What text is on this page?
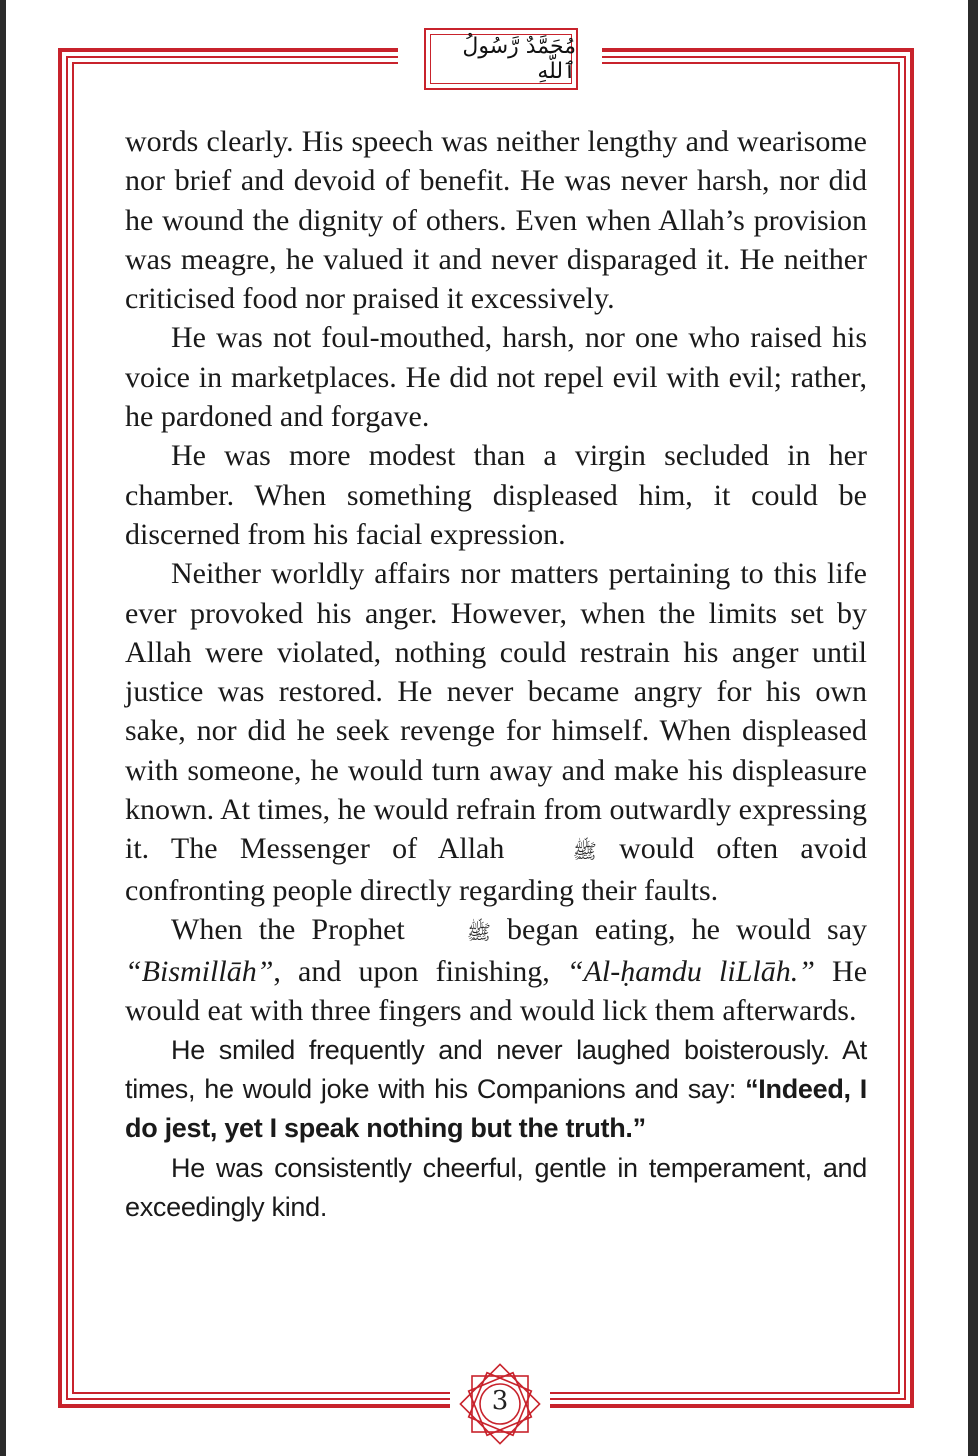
مُحَمَّدٌ رَّسُولُ ٱللَّهِ

words clearly. His speech was neither lengthy and wearisome nor brief and devoid of benefit. He was never harsh, nor did he wound the dignity of others. Even when Allah’s provision was meagre, he valued it and never disparaged it. He neither criticised food nor praised it excessively.

He was not foul-mouthed, harsh, nor one who raised his voice in marketplaces. He did not repel evil with evil; rather, he pardoned and forgave.

He was more modest than a virgin secluded in her chamber. When something displeased him, it could be discerned from his facial expression.

Neither worldly affairs nor matters pertaining to this life ever provoked his anger. However, when the limits set by Allah were violated, nothing could restrain his anger until justice was restored. He never became angry for his own sake, nor did he seek revenge for himself. When displeased with someone, he would turn away and make his displeasure known. At times, he would refrain from outwardly expressing it. The Messenger of Allah	ﷺ would often avoid confronting people directly regarding their faults.

When the Prophet	ﷺ began eating, he would say “Bismillāh”, and upon finishing, “Al-ḥamdu liLlāh.” He would eat with three fingers and would lick them afterwards.

He smiled frequently and never laughed boisterously. At times, he would joke with his Companions and say: “Indeed, I do jest, yet I speak nothing but the truth.”

He was consistently cheerful, gentle in temperament, and exceedingly kind.

3
